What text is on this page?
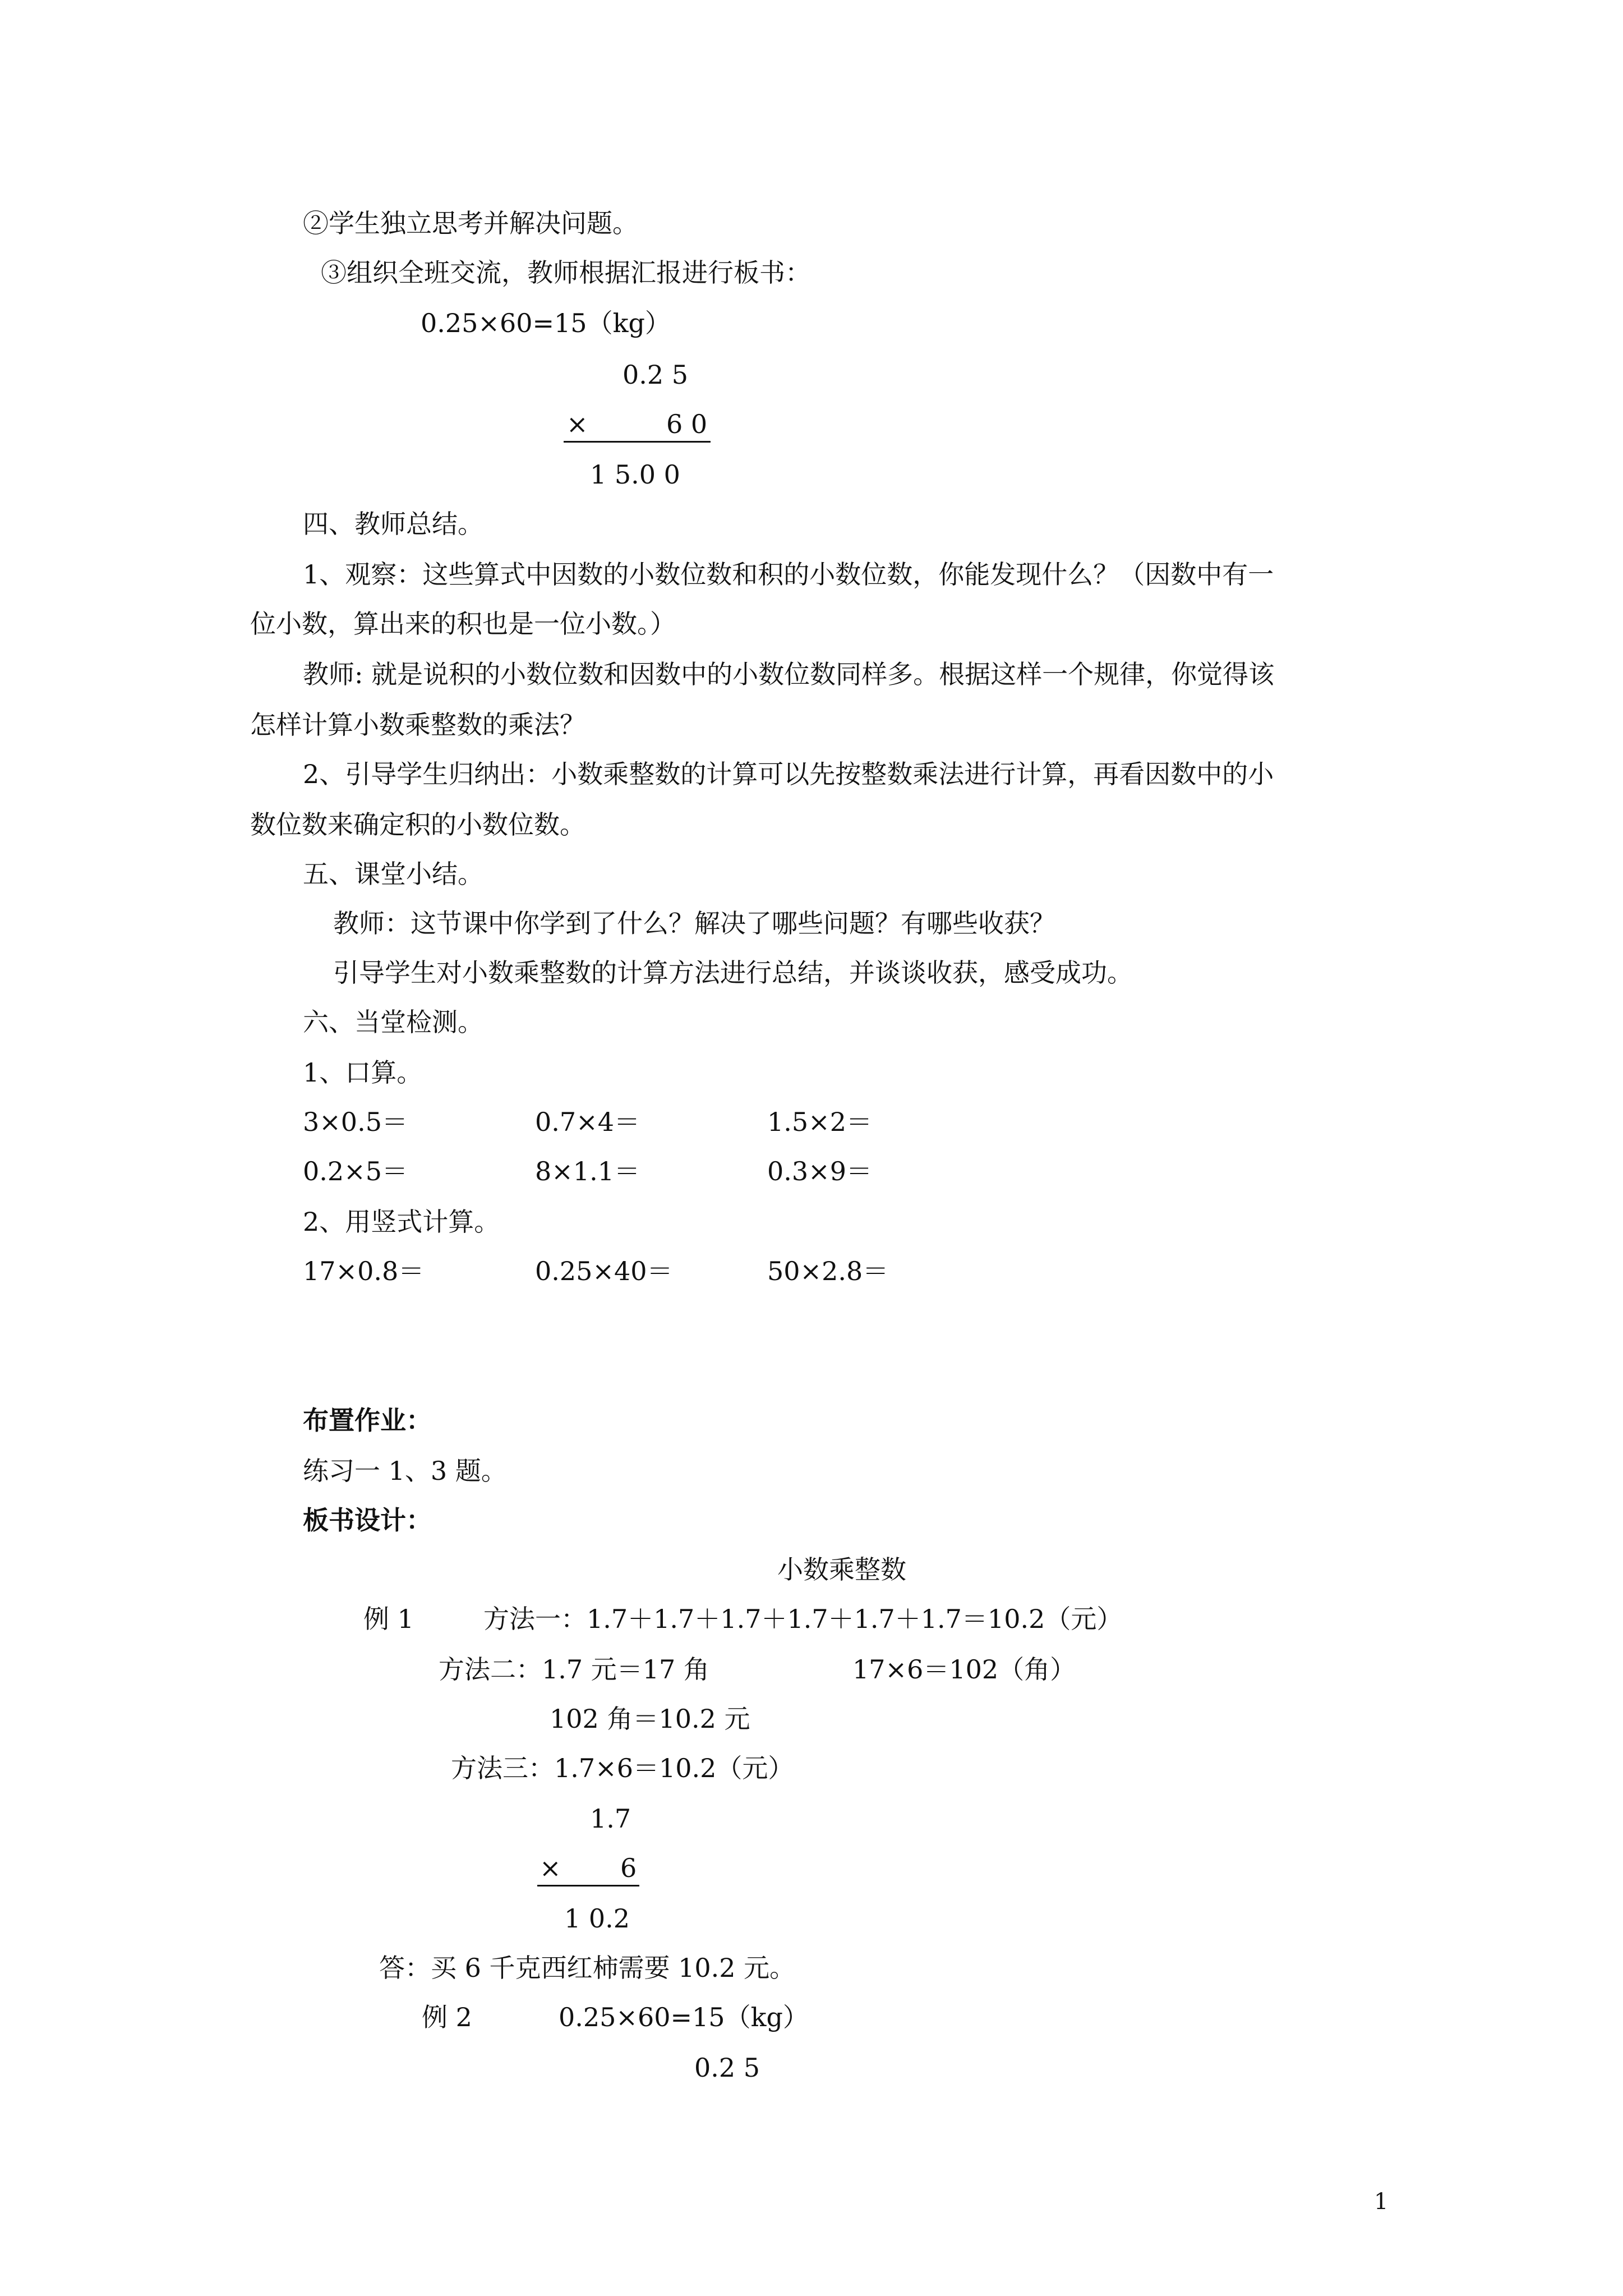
②学生独立思考并解决问题。
③组织全班交流，教师根据汇报进行板书：
0.25×60=15（kg）
0.2 5
×	6 0
1 5.0 0
四、教师总结。
1、观察：这些算式中因数的小数位数和积的小数位数，你能发现什么？（因数中有一
位小数，算出来的积也是一位小数。）
教师: 就是说积的小数位数和因数中的小数位数同样多。根据这样一个规律，你觉得该
怎样计算小数乘整数的乘法？
2、引导学生归纳出：小数乘整数的计算可以先按整数乘法进行计算，再看因数中的小
数位数来确定积的小数位数。
五、课堂小结。
教师：这节课中你学到了什么？解决了哪些问题？有哪些收获？
引导学生对小数乘整数的计算方法进行总结，并谈谈收获，感受成功。
六、当堂检测。
1、口算。
3×0.5＝	0.7×4＝	1.5×2＝
0.2×5＝	8×1.1＝	0.3×9＝
2、用竖式计算。
17×0.8＝	0.25×40＝	50×2.8＝
布置作业：
练习一 1、3 题。
板书设计：
小数乘整数
例 1	方法一：1.7＋1.7＋1.7＋1.7＋1.7＋1.7＝10.2（元）
方法二：1.7 元＝17 角	17×6＝102（角）
102 角＝10.2 元
方法三：1.7×6＝10.2（元）
1.7
× 6
1 0.2
答：买 6 千克西红柿需要 10.2 元。
例 2	0.25×60=15（kg）
0.2 5
1
